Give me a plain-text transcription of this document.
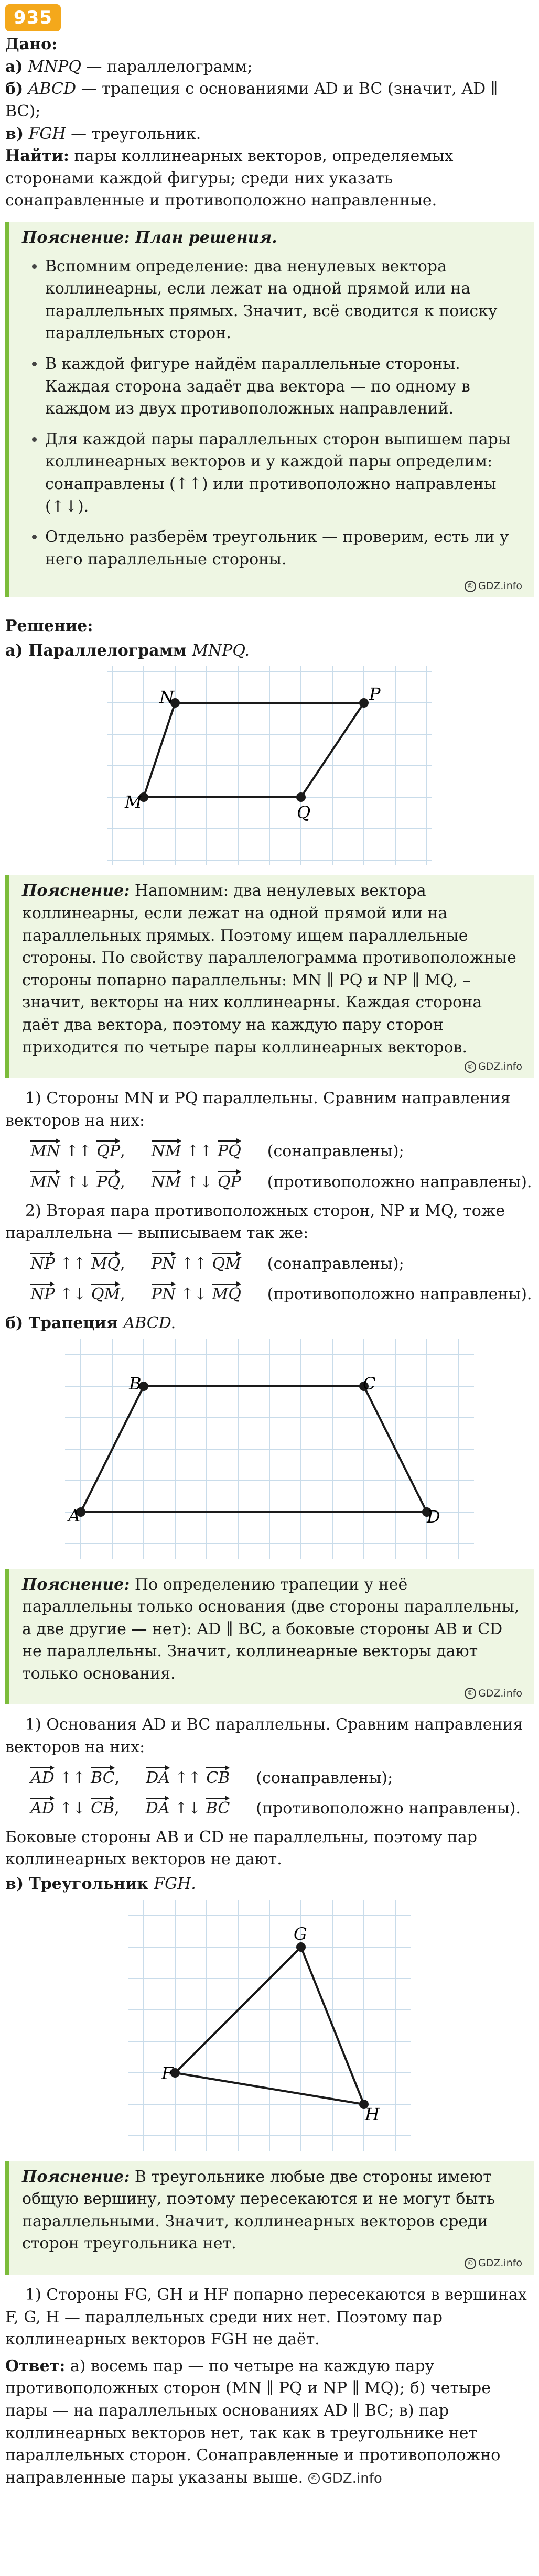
935

Дано:

а) MNPQ — параллелограмм;

б) ABCD — трапеция с основаниями AD и BC (значит, AD ∥ BC);

в) FGH — треугольник.

Найти: пары коллинеарных векторов, определяемых сторонами каждой фигуры; среди них указать сонаправленные и противоположно направленные.

Пояснение: План решения.
• Вспомним определение: два ненулевых вектора коллинеарны, если лежат на одной прямой или на параллельных прямых. Значит, всё сводится к поиску параллельных сторон.
• В каждой фигуре найдём параллельные стороны. Каждая сторона задаёт два вектора — по одному в каждом из двух противоположных направлений.
• Для каждой пары параллельных сторон выпишем пары коллинеарных векторов и у каждой пары определим: сонаправлены (↑↑) или противоположно направлены (↑↓).
• Отдельно разберём треугольник — проверим, есть ли у него параллельные стороны.
© GDZ.info
Решение:
а) Параллелограмм MNPQ.
N	P
Q
M

Пояснение: Напомним: два ненулевых вектора коллинеарны, если лежат на одной прямой или на параллельных прямых. Поэтому ищем параллельные стороны. По свойству параллелограмма противоположные стороны попарно параллельны: MN ∥ PQ и NP ∥ MQ, – значит, векторы на них коллинеарны. Каждая сторона даёт два вектора, поэтому на каждую пару сторон приходится по четыре пары коллинеарных векторов.

© GDZ.info

1) Стороны MN и PQ параллельны. Сравним направления векторов на них:

MN ↑↑ QP, NM ↑↑ PQ (сонаправлены);

MN ↑↓ PQ, NM ↑↓ QP (противоположно направлены).

2) Вторая пара противоположных сторон, NP и MQ, тоже параллельна — выписываем так же:

NP ↑↑ MQ, PN ↑↑ QM (сонаправлены);

NP ↑↓ QM, PN ↑↓ MQ (противоположно направлены).

б) Трапеция ABCD.
B	C
D
A

Пояснение: По определению трапеции у неё параллельны только основания (две стороны параллельны, а две другие — нет): AD ∥ BC, а боковые стороны AB и CD не параллельны. Значит, коллинеарные векторы дают только основания.

© GDZ.info

1) Основания AD и BC параллельны. Сравним направления векторов на них:

AD ↑↑ BC, DA ↑↑ CB (сонаправлены);

AD ↑↓ CB, DA ↑↓ BC (противоположно направлены).

Боковые стороны AB и CD не параллельны, поэтому пар коллинеарных векторов не дают.

в) Треугольник FGH.
G
F
H

Пояснение: В треугольнике любые две стороны имеют общую вершину, поэтому пересекаются и не могут быть параллельными. Значит, коллинеарных векторов среди сторон треугольника нет.

© GDZ.info

1) Стороны FG, GH и HF попарно пересекаются в вершинах F, G, H — параллельных среди них нет. Поэтому пар коллинеарных векторов FGH не даёт.

Ответ: а) восемь пар — по четыре на каждую пару противоположных сторон (MN ∥ PQ и NP ∥ MQ); б) четыре пары — на параллельных основаниях AD ∥ BC; в) пар коллинеарных векторов нет, так как в треугольнике нет параллельных сторон. Сонаправленные и противоположно направленные пары указаны выше. © GDZ.info
